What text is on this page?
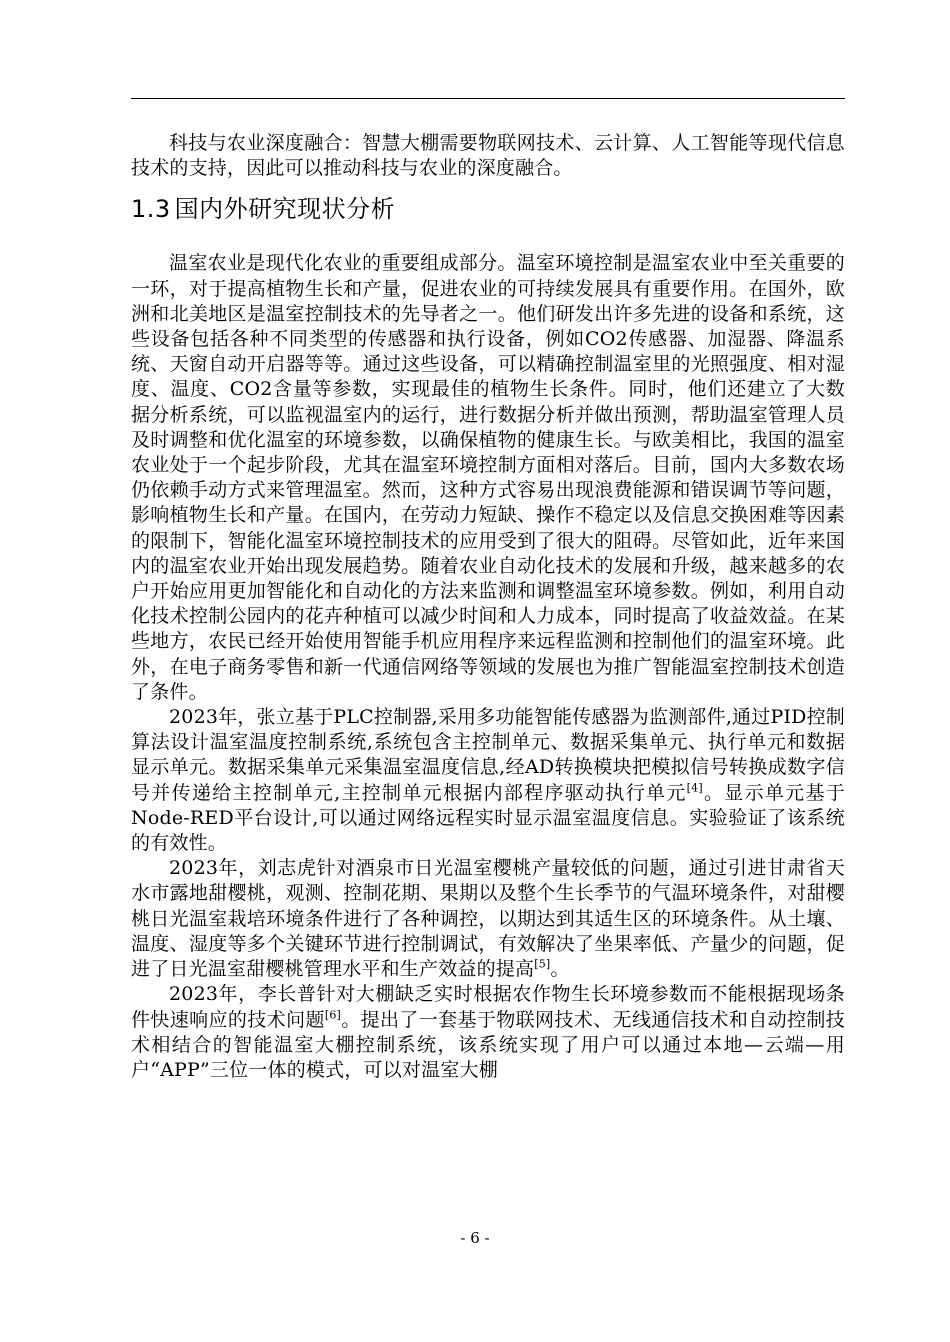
科技与农业深度融合：智慧大棚需要物联网技术、云计算、人工智能等现代信息技术的支持，因此可以推动科技与农业的深度融合。

1.3 国内外研究现状分析

温室农业是现代化农业的重要组成部分。温室环境控制是温室农业中至关重要的一环，对于提高植物生长和产量，促进农业的可持续发展具有重要作用。在国外，欧洲和北美地区是温室控制技术的先导者之一。他们研发出许多先进的设备和系统，这些设备包括各种不同类型的传感器和执行设备，例如CO2传感器、加湿器、降温系统、天窗自动开启器等等。通过这些设备，可以精确控制温室里的光照强度、相对湿度、温度、CO2含量等参数，实现最佳的植物生长条件。同时，他们还建立了大数据分析系统，可以监视温室内的运行，进行数据分析并做出预测，帮助温室管理人员及时调整和优化温室的环境参数，以确保植物的健康生长。与欧美相比，我国的温室农业处于一个起步阶段，尤其在温室环境控制方面相对落后。目前，国内大多数农场仍依赖手动方式来管理温室。然而，这种方式容易出现浪费能源和错误调节等问题，影响植物生长和产量。在国内，在劳动力短缺、操作不稳定以及信息交换困难等因素的限制下，智能化温室环境控制技术的应用受到了很大的阻碍。尽管如此，近年来国内的温室农业开始出现发展趋势。随着农业自动化技术的发展和升级，越来越多的农户开始应用更加智能化和自动化的方法来监测和调整温室环境参数。例如，利用自动化技术控制公园内的花卉种植可以减少时间和人力成本，同时提高了收益效益。在某些地方，农民已经开始使用智能手机应用程序来远程监测和控制他们的温室环境。此外，在电子商务零售和新一代通信网络等领域的发展也为推广智能温室控制技术创造了条件。

2023年，张立基于PLC控制器,采用多功能智能传感器为监测部件,通过PID控制算法设计温室温度控制系统,系统包含主控制单元、数据采集单元、执行单元和数据显示单元。数据采集单元采集温室温度信息,经AD转换模块把模拟信号转换成数字信号并传递给主控制单元,主控制单元根据内部程序驱动执行单元[4]。显示单元基于Node-RED平台设计,可以通过网络远程实时显示温室温度信息。实验验证了该系统的有效性。

2023年，刘志虎针对酒泉市日光温室樱桃产量较低的问题，通过引进甘肃省天水市露地甜樱桃，观测、控制花期、果期以及整个生长季节的气温环境条件，对甜樱桃日光温室栽培环境条件进行了各种调控，以期达到其适生区的环境条件。从土壤、温度、湿度等多个关键环节进行控制调试，有效解决了坐果率低、产量少的问题，促进了日光温室甜樱桃管理水平和生产效益的提高[5]。

2023年，李长普针对大棚缺乏实时根据农作物生长环境参数而不能根据现场条件快速响应的技术问题[6]。提出了一套基于物联网技术、无线通信技术和自动控制技术相结合的智能温室大棚控制系统，该系统实现了用户可以通过本地—云端—用户“APP”三位一体的模式，可以对温室大棚

- 6 -
